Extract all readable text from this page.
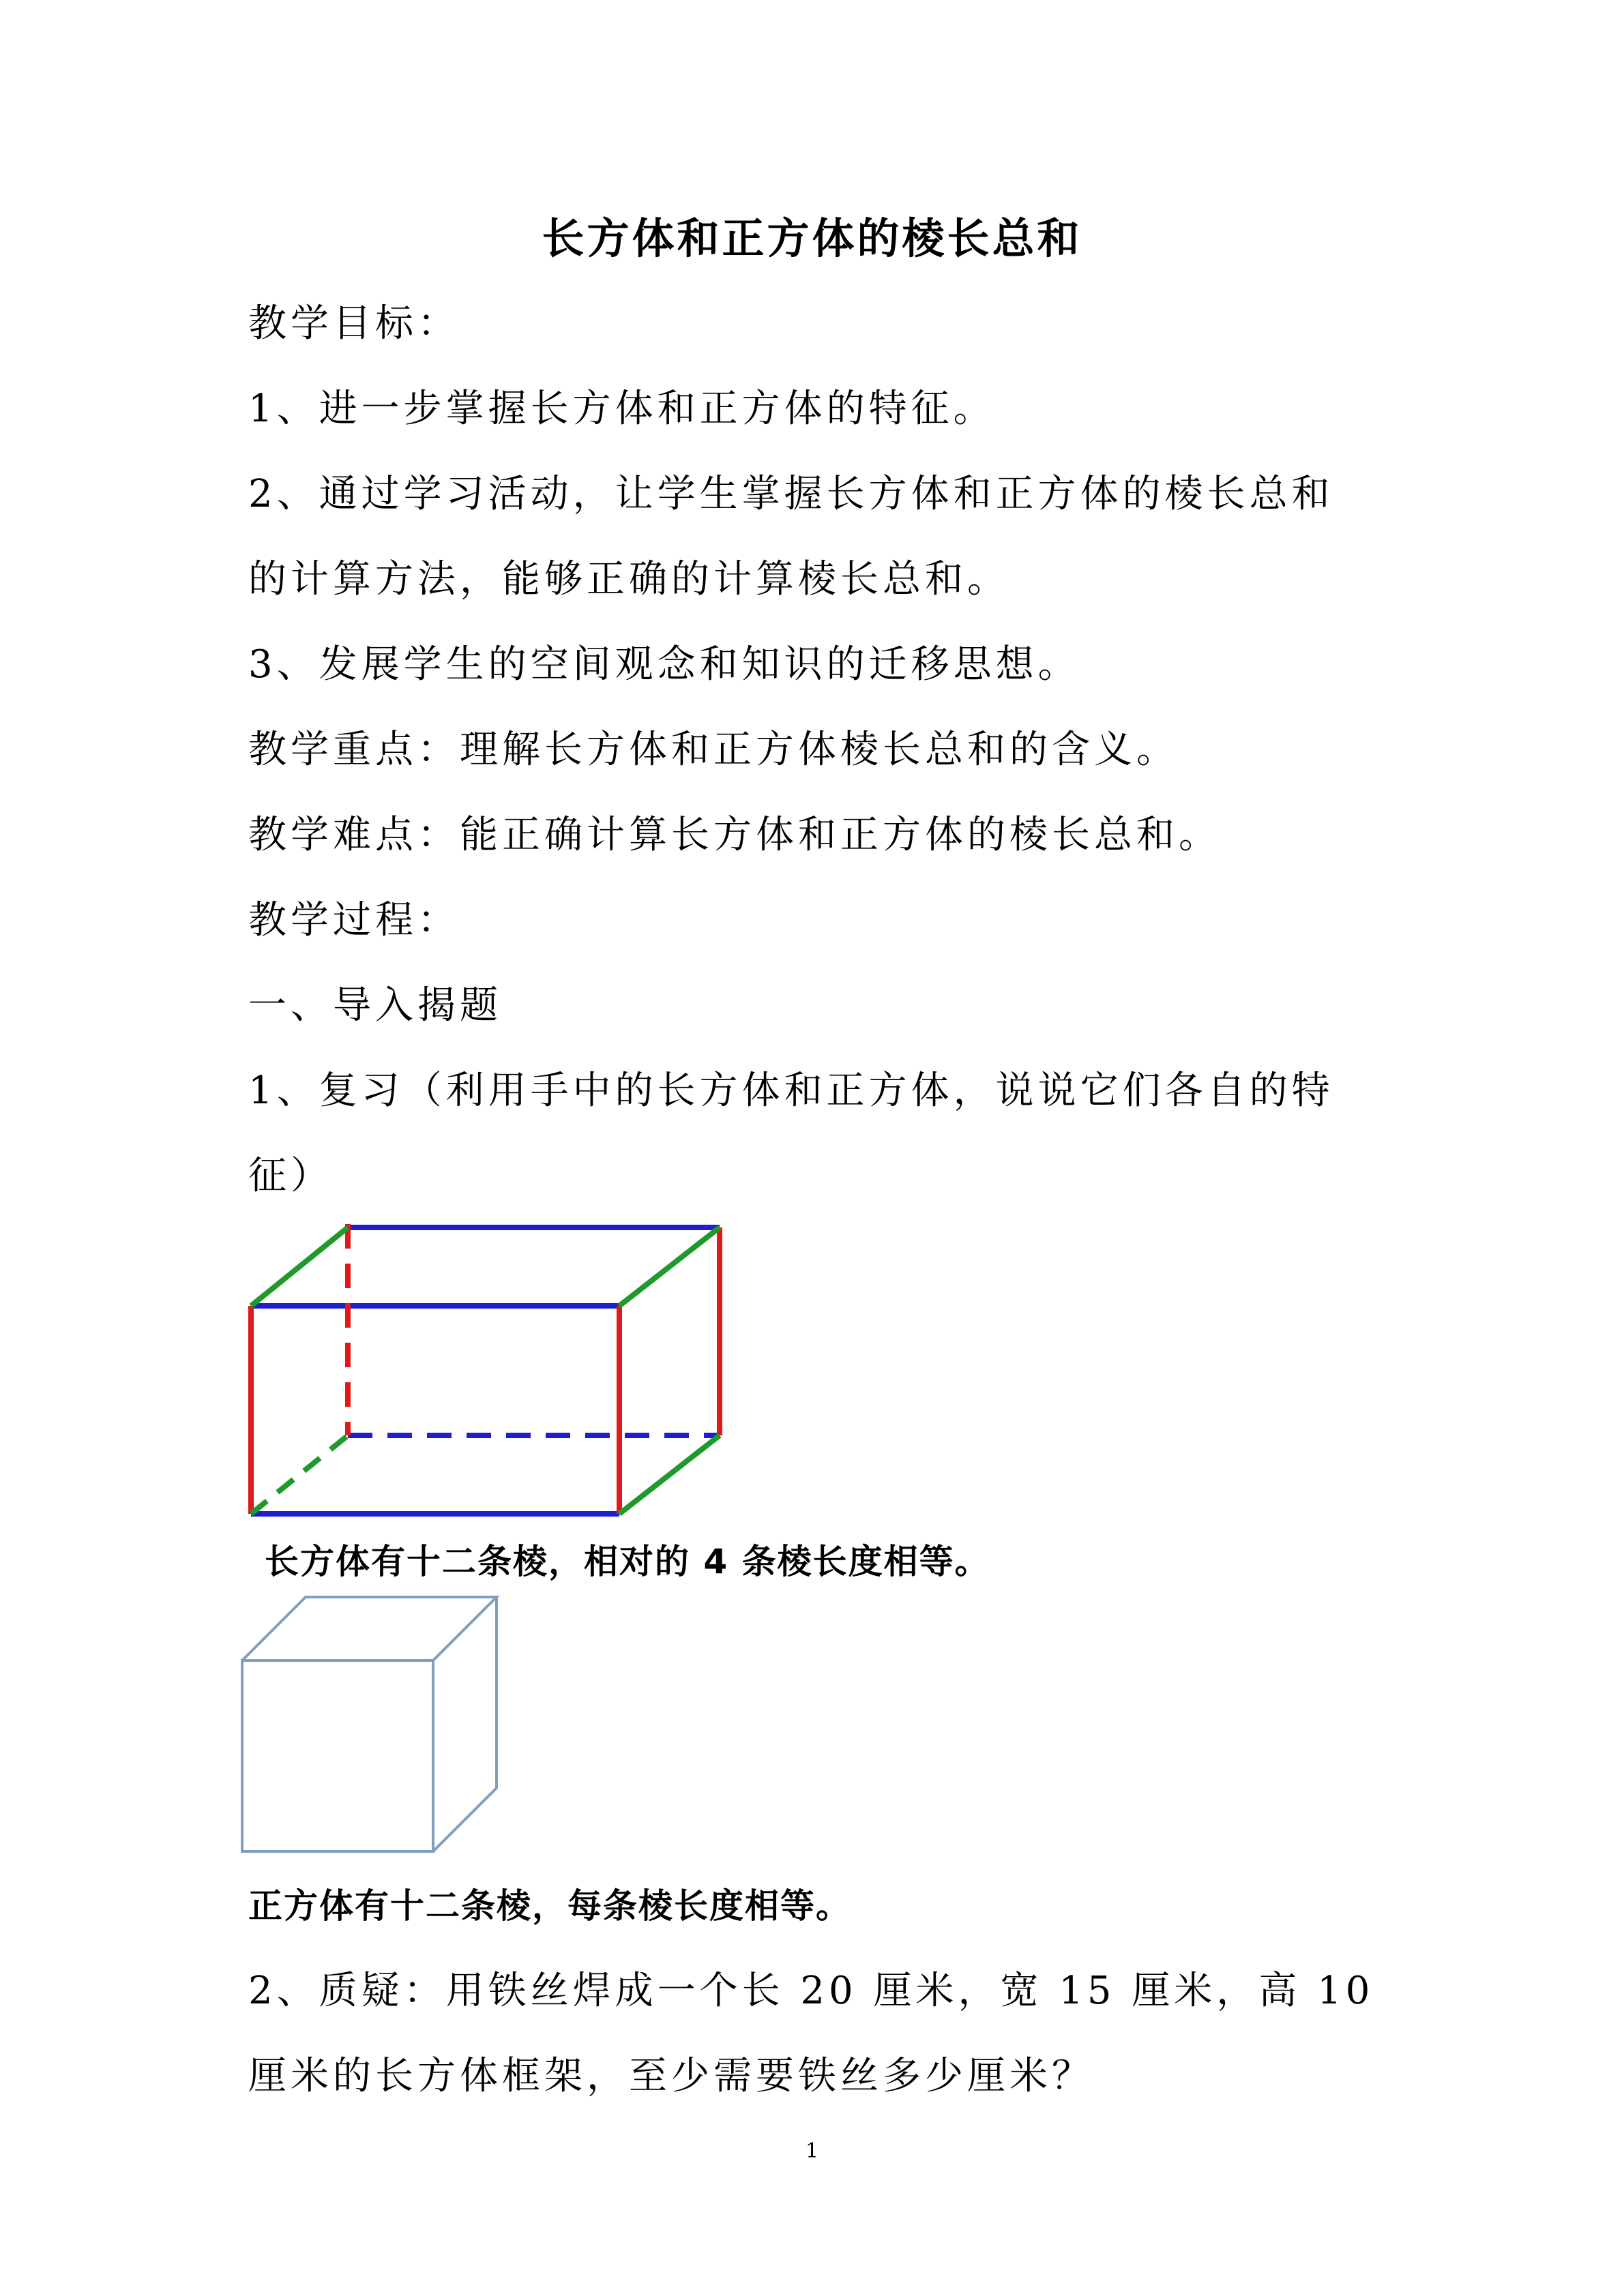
长方体和正方体的棱长总和
教学目标：
1、进一步掌握长方体和正方体的特征。
2、通过学习活动，让学生掌握长方体和正方体的棱长总和
的计算方法，能够正确的计算棱长总和。
3、发展学生的空间观念和知识的迁移思想。
教学重点：理解长方体和正方体棱长总和的含义。
教学难点：能正确计算长方体和正方体的棱长总和。
教学过程：
一、导入揭题
1、复习（利用手中的长方体和正方体，说说它们各自的特
征）
长方体有十二条棱，相对的 4 条棱长度相等。
正方体有十二条棱，每条棱长度相等。
2、质疑：用铁丝焊成一个长 20 厘米，宽 15 厘米，高 10
厘米的长方体框架，至少需要铁丝多少厘米？
1
